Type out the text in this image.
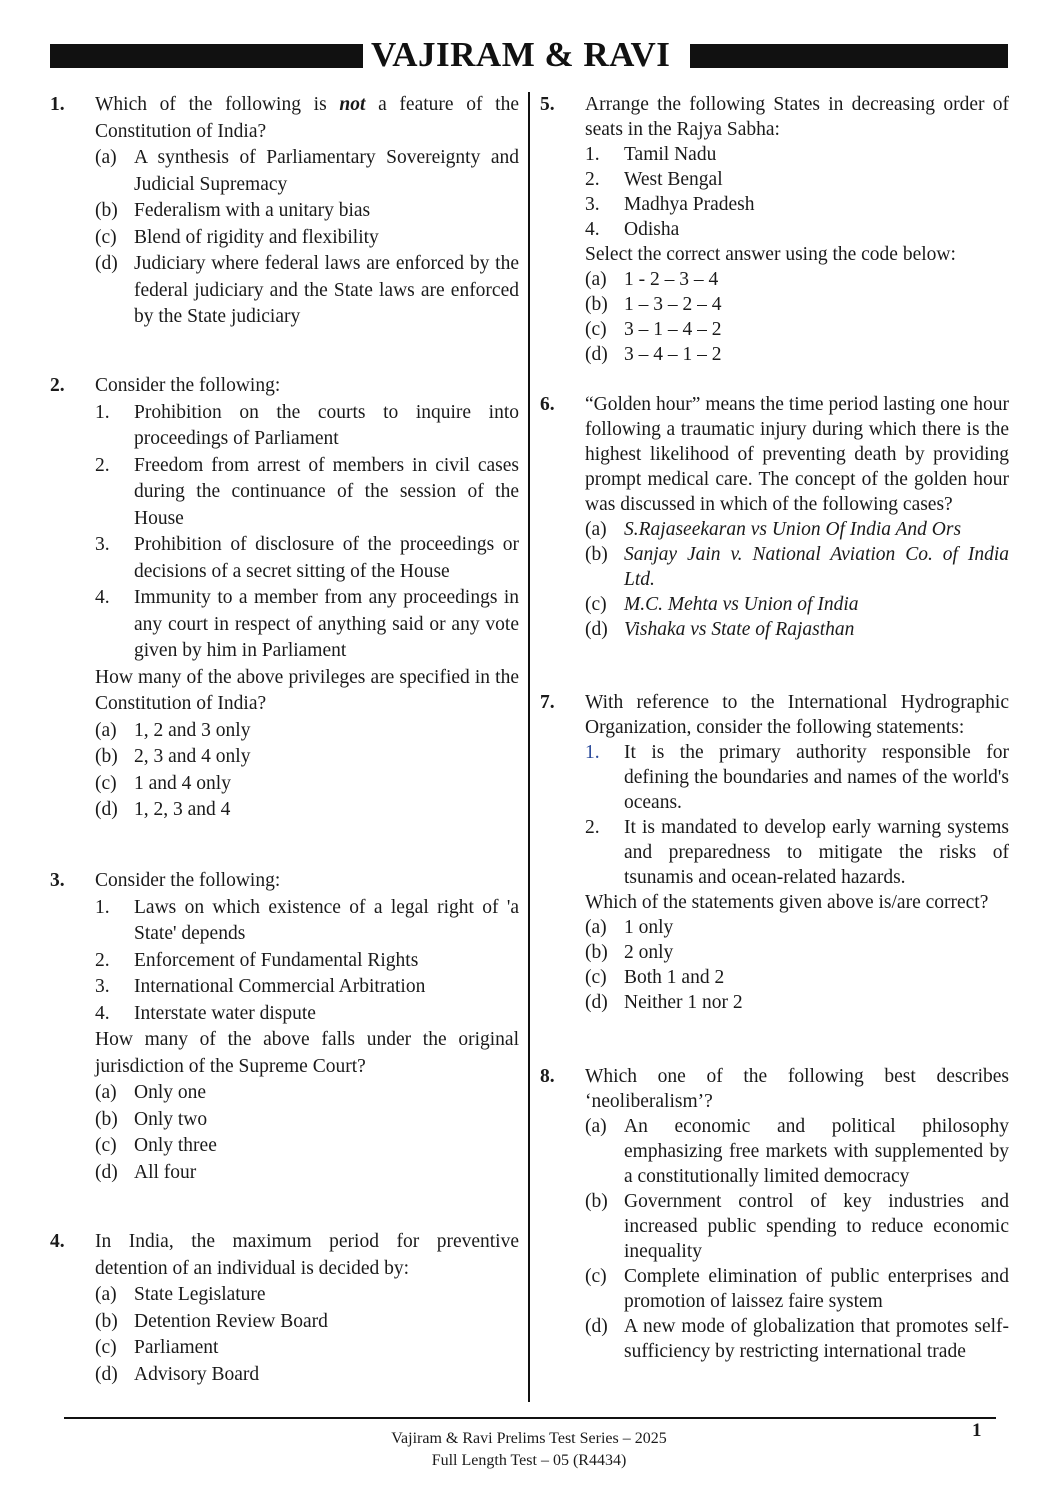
VAJIRAM & RAVI
1. Which of the following is not a feature of the Constitution of India?
(a) A synthesis of Parliamentary Sovereignty and Judicial Supremacy
(b) Federalism with a unitary bias
(c) Blend of rigidity and flexibility
(d) Judiciary where federal laws are enforced by the federal judiciary and the State laws are enforced by the State judiciary
2. Consider the following:
1.	Prohibition on the courts to inquire into proceedings of Parliament
2.	Freedom from arrest of members in civil cases during the continuance of the session of the House
3.	Prohibition of disclosure of the proceedings or decisions of a secret sitting of the House
4.	Immunity to a member from any proceedings in any court in respect of anything said or any vote given by him in Parliament
How many of the above privileges are specified in the Constitution of India?
(a) 1, 2 and 3 only
(b) 2, 3 and 4 only
(c) 1 and 4 only
(d) 1, 2, 3 and 4
3. Consider the following:
1.	Laws on which existence of a legal right of 'a State' depends
2.	Enforcement of Fundamental Rights
3.	International Commercial Arbitration
4.	Interstate water dispute
How many of the above falls under the original jurisdiction of the Supreme Court?
(a) Only one
(b) Only two
(c) Only three
(d) All four
4. In India, the maximum period for preventive detention of an individual is decided by:
(a) State Legislature
(b) Detention Review Board
(c) Parliament
(d) Advisory Board
5. Arrange the following States in decreasing order of seats in the Rajya Sabha:
1.	Tamil Nadu
2.	West Bengal
3.	Madhya Pradesh
4.	Odisha
Select the correct answer using the code below:
(a) 1 - 2 – 3 – 4
(b) 1 – 3 – 2 – 4
(c) 3 – 1 – 4 – 2
(d) 3 – 4 – 1 – 2
6. “Golden hour” means the time period lasting one hour following a traumatic injury during which there is the highest likelihood of preventing death by providing prompt medical care. The concept of the golden hour was discussed in which of the following cases?
(a) S.Rajaseekaran vs Union Of India And Ors
(b) Sanjay Jain v. National Aviation Co. of India Ltd.
(c) M.C. Mehta vs Union of India
(d) Vishaka vs State of Rajasthan
7. With reference to the International Hydrographic Organization, consider the following statements:
1.	It is the primary authority responsible for defining the boundaries and names of the world's oceans.
2.	It is mandated to develop early warning systems and preparedness to mitigate the risks of tsunamis and ocean-related hazards.
Which of the statements given above is/are correct?
(a) 1 only
(b) 2 only
(c) Both 1 and 2
(d) Neither 1 nor 2
8. Which one of the following best describes ‘neoliberalism’?
(a) An economic and political philosophy emphasizing free markets with supplemented by a constitutionally limited democracy
(b) Government control of key industries and increased public spending to reduce economic inequality
(c) Complete elimination of public enterprises and promotion of laissez faire system
(d) A new mode of globalization that promotes self-sufficiency by restricting international trade
1
Vajiram & Ravi Prelims Test Series – 2025
Full Length Test – 05 (R4434)
